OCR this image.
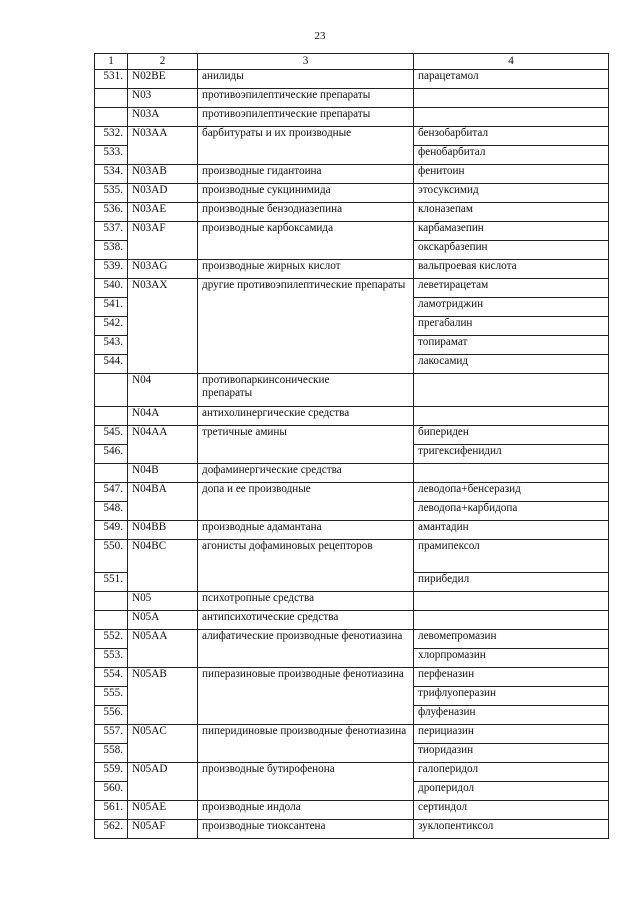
23
1	2	3	4
531.	N02BE	анилиды	парацетамол
	N03	противоэпилептические препараты	
	N03A	противоэпилептические препараты	
532.	N03AA	барбитураты и их производные	бензобарбитал
533.			фенобарбитал
534.	N03AB	производные гидантоина	фенитоин
535.	N03AD	производные сукцинимида	этосуксимид
536.	N03AE	производные бензодиазепина	клоназепам
537.	N03AF	производные карбоксамида	карбамазепин
538.			окскарбазепин
539.	N03AG	производные жирных кислот	вальпроевая кислота
540.	N03AX	другие противоэпилептические препараты	леветирацетам
541.			ламотриджин
542.			прегабалин
543.			топирамат
544.			лакосамид
	N04	противопаркинсонические препараты	
	N04A	антихолинергические средства	
545.	N04AA	третичные амины	бипериден
546.			тригексифенидил
	N04B	дофаминергические средства	
547.	N04BA	допа и ее производные	леводопа+бенсеразид
548.			леводопа+карбидопа
549.	N04BB	производные адамантана	амантадин
550.	N04BC	агонисты дофаминовых рецепторов	прамипексол
551.			пирибедил
	N05	психотропные средства	
	N05A	антипсихотические средства	
552.	N05AA	алифатические производные фенотиазина	левомепромазин
553.			хлорпромазин
554.	N05AB	пиперазиновые производные фенотиазина	перфеназин
555.			трифлуоперазин
556.			флуфеназин
557.	N05AC	пиперидиновые производные фенотиазина	перициазин
558.			тиоридазин
559.	N05AD	производные бутирофенона	галоперидол
560.			дроперидол
561.	N05AE	производные индола	сертиндол
562.	N05AF	производные тиоксантена	зуклопентиксол
